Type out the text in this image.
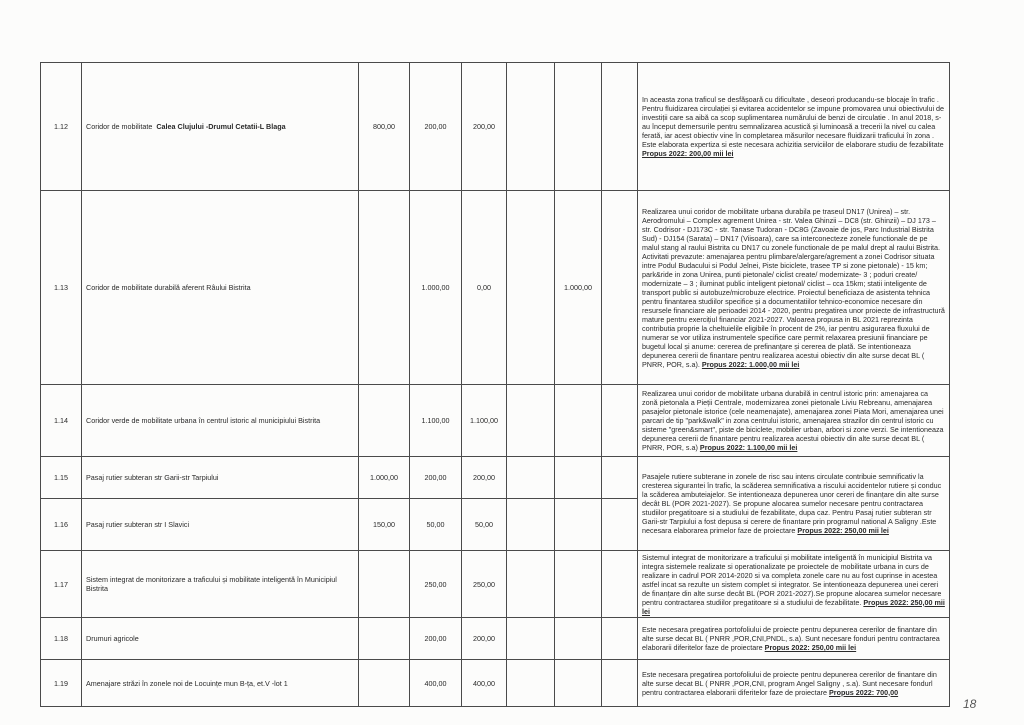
1.12	Coridor de mobilitate Calea Clujului -Drumul Cetatii-L Blaga	800,00	200,00	200,00				In aceasta zona traficul se desfășoară cu dificultate , deseori producandu-se blocaje în trafic . Pentru fluidizarea circulației și evitarea accidentelor se impune promovarea unui obiectivului de investiții care sa aibă ca scop suplimentarea numărului de benzi de circulatie . In anul 2018, s-au început demersurile pentru semnalizarea acustică și luminoasă a trecerii la nivel cu calea ferată, iar acest obiectiv vine în completarea măsurilor necesare fluidizarii traficului în zona . Este elaborata expertiza si este necesara achizitia serviciilor de elaborare studiu de fezabilitate Propus 2022: 200,00 mii lei
1.13	Coridor de mobilitate durabilă aferent Râului Bistrita		1.000,00	0,00		1.000,00		Realizarea unui coridor de mobilitate urbana durabila pe traseul DN17 (Unirea) – str. Aerodromului – Complex agrement Unirea - str. Valea Ghinzii – DC8 (str. Ghinzii) – DJ 173 – str. Codrisor - DJ173C - str. Tanase Tudoran - DC8G (Zavoaie de jos, Parc Industrial Bistrita Sud) - DJ154 (Sarata) – DN17 (Viisoara), care sa interconecteze zonele functionale de pe malul stang al raului Bistrita cu DN17 cu zonele functionale de pe malul drept al raului Bistrita. Activitati prevazute: amenajarea pentru plimbare/alergare/agrement a zonei Codrisor situata intre Podul Budacului si Podul Jelnei, Piste biciclete, trasee TP si zone pietonale) - 15 km; park&ride in zona Unirea, punti pietonale/ ciclist create/ modernizate- 3 ; poduri create/ modernizate – 3 ; iluminat public inteligent pietonal/ ciclist – cca 15km; statii inteligente de transport public si autobuze/microbuze electrice. Proiectul beneficiaza de asistenta tehnica pentru finantarea studiilor specifice și a documentatiilor tehnico-economice necesare din resursele financiare ale perioadei 2014 - 2020, pentru pregatirea unor proiecte de infrastructură mature pentru exercițiul financiar 2021-2027. Valoarea propusa in BL 2021 reprezinta contributia proprie la cheltuielile eligibile în procent de 2%, iar pentru asigurarea fluxului de numerar se vor utiliza instrumentele specifice care permit relaxarea presiunii financiare pe bugetul local și anume: cererea de prefinanțare și cererea de plată. Se intentioneaza depunerea cererii de finantare pentru realizarea acestui obiectiv din alte surse decat BL ( PNRR, POR, s.a). Propus 2022: 1.000,00 mii lei
1.14	Coridor verde de mobilitate urbana în centrul istoric al municipiului Bistrita		1.100,00	1.100,00				Realizarea unui coridor de mobilitate urbana durabilă in centrul istoric prin: amenajarea ca zonă pietonala a Pieții Centrale, modernizarea zonei pietonale Liviu Rebreanu, amenajarea pasajelor pietonale istorice (cele neamenajate), amenajarea zonei Piata Mori, amenajarea unei parcari de tip "park&walk" in zona centrului istoric, amenajarea strazilor din centrul istoric cu sisteme "green&smart", piste de biciclete, mobilier urban, arbori si zone verzi. Se intentioneaza depunerea cererii de finantare pentru realizarea acestui obiectiv din alte surse decat BL ( PNRR, POR, s.a) Propus 2022: 1.100,00 mii lei
1.15	Pasaj rutier subteran str Garii-str Tarpiului	1.000,00	200,00	200,00				Pasajele rutiere subterane in zonele de risc sau intens circulate contribuie semnificativ la cresterea sigurantei în trafic, la scăderea semnificativa a riscului accidentelor rutiere și conduc la scăderea ambuteiajelor. Se intentioneaza depunerea unor cereri de finanțare din alte surse decât BL (POR 2021-2027). Se propune alocarea sumelor necesare pentru contractarea studiilor pregatitoare si a studiului de fezabilitate, dupa caz. Pentru Pasaj rutier subteran str Garii-str Tarpiului a fost depusa si cerere de finantare prin programul national A Saligny .Este necesara elaborarea primelor faze de proiectare Propus 2022: 250,00 mii lei
1.16	Pasaj rutier subteran str I Slavici	150,00	50,00	50,00				
1.17	Sistem integrat de monitorizare a traficului și mobilitate inteligentă în Municipiul Bistrita		250,00	250,00				Sistemul integrat de monitorizare a traficului și mobilitate inteligentă în municipiul Bistrita va integra sistemele realizate si operationalizate pe proiectele de mobilitate urbana in curs de realizare in cadrul POR 2014-2020 si va completa zonele care nu au fost cuprinse in acestea astfel incat sa rezulte un sistem complet si integrator. Se intentioneaza depunerea unei cereri de finanțare din alte surse decât BL (POR 2021-2027).Se propune alocarea sumelor necesare pentru contractarea studiilor pregatitoare si a studiului de fezabilitate. Propus 2022: 250,00 mii lei
1.18	Drumuri agricole		200,00	200,00				Este necesara pregatirea portofoliului de proiecte pentru depunerea cererilor de finantare din alte surse decat BL ( PNRR ,POR,CNI,PNDL, s.a). Sunt necesare fonduri pentru contractarea elaborarii diferitelor faze de proiectare Propus 2022: 250,00 mii lei
1.19	Amenajare străzi în zonele noi de Locuințe mun B-ța, et.V -lot 1		400,00	400,00				Este necesara pregatirea portofoliului de proiecte pentru depunerea cererilor de finantare din alte surse decat BL ( PNRR ,POR,CNI, program Angel Saligny , s.a). Sunt necesare fondurl pentru contractarea elaborarii diferitelor faze de proiectare Propus 2022: 700,00
18
